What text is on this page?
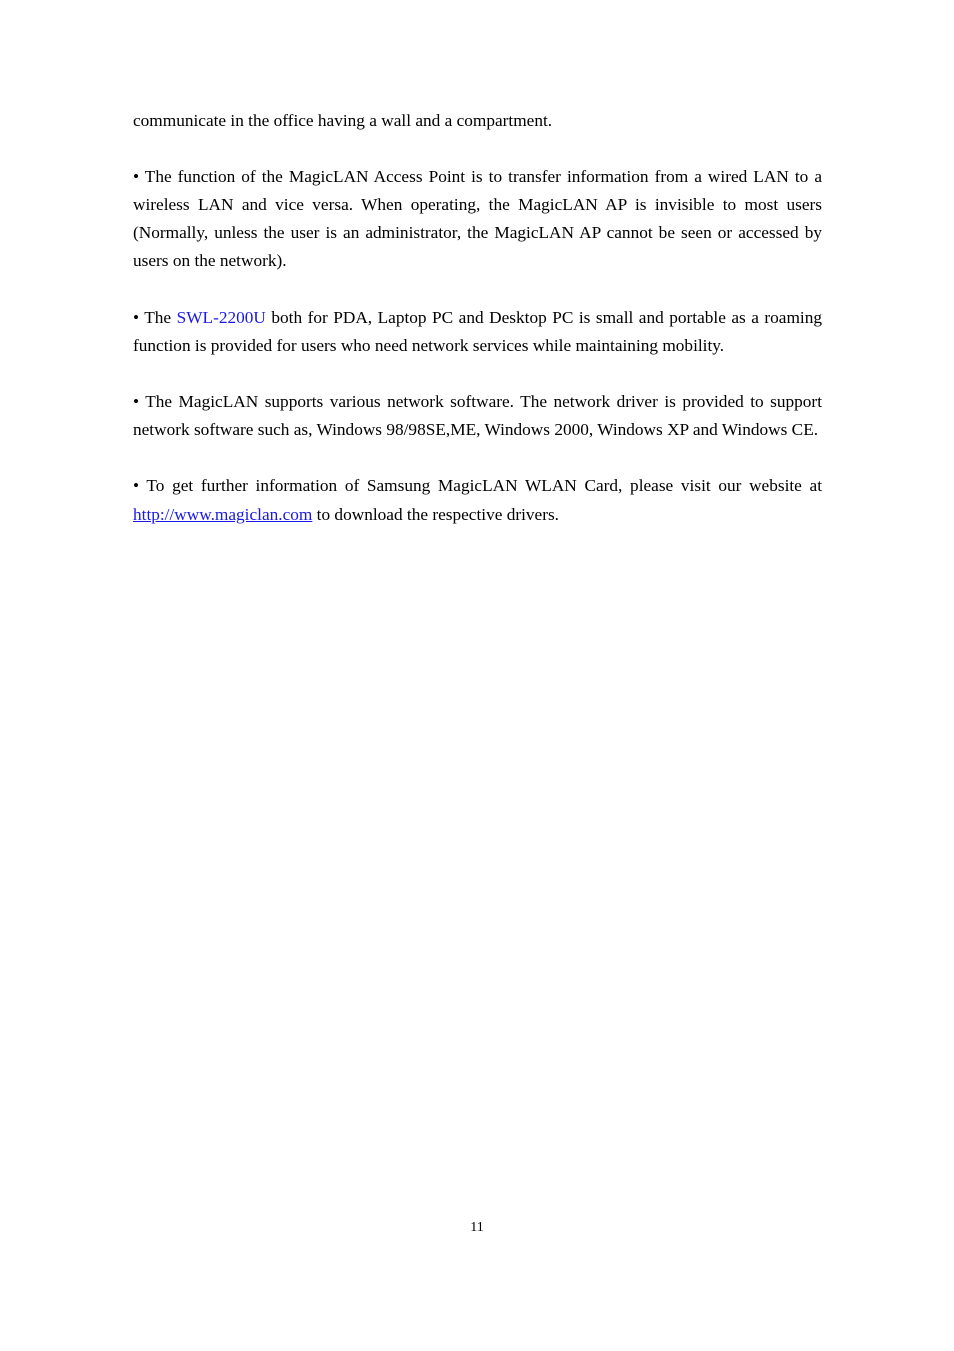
communicate in the office having a wall and a compartment.

• The function of the MagicLAN Access Point is to transfer information from a wired LAN to a wireless LAN and vice versa. When operating, the MagicLAN AP is invisible to most users (Normally, unless the user is an administrator, the MagicLAN AP cannot be seen or accessed by users on the network).

• The SWL-2200U both for PDA, Laptop PC and Desktop PC is small and portable as a roaming function is provided for users who need network services while maintaining mobility.

• The MagicLAN supports various network software. The network driver is provided to support network software such as, Windows 98/98SE,ME, Windows 2000, Windows XP and Windows CE.

• To get further information of Samsung MagicLAN WLAN Card, please visit our website at http://www.magiclan.com to download the respective drivers.

11
